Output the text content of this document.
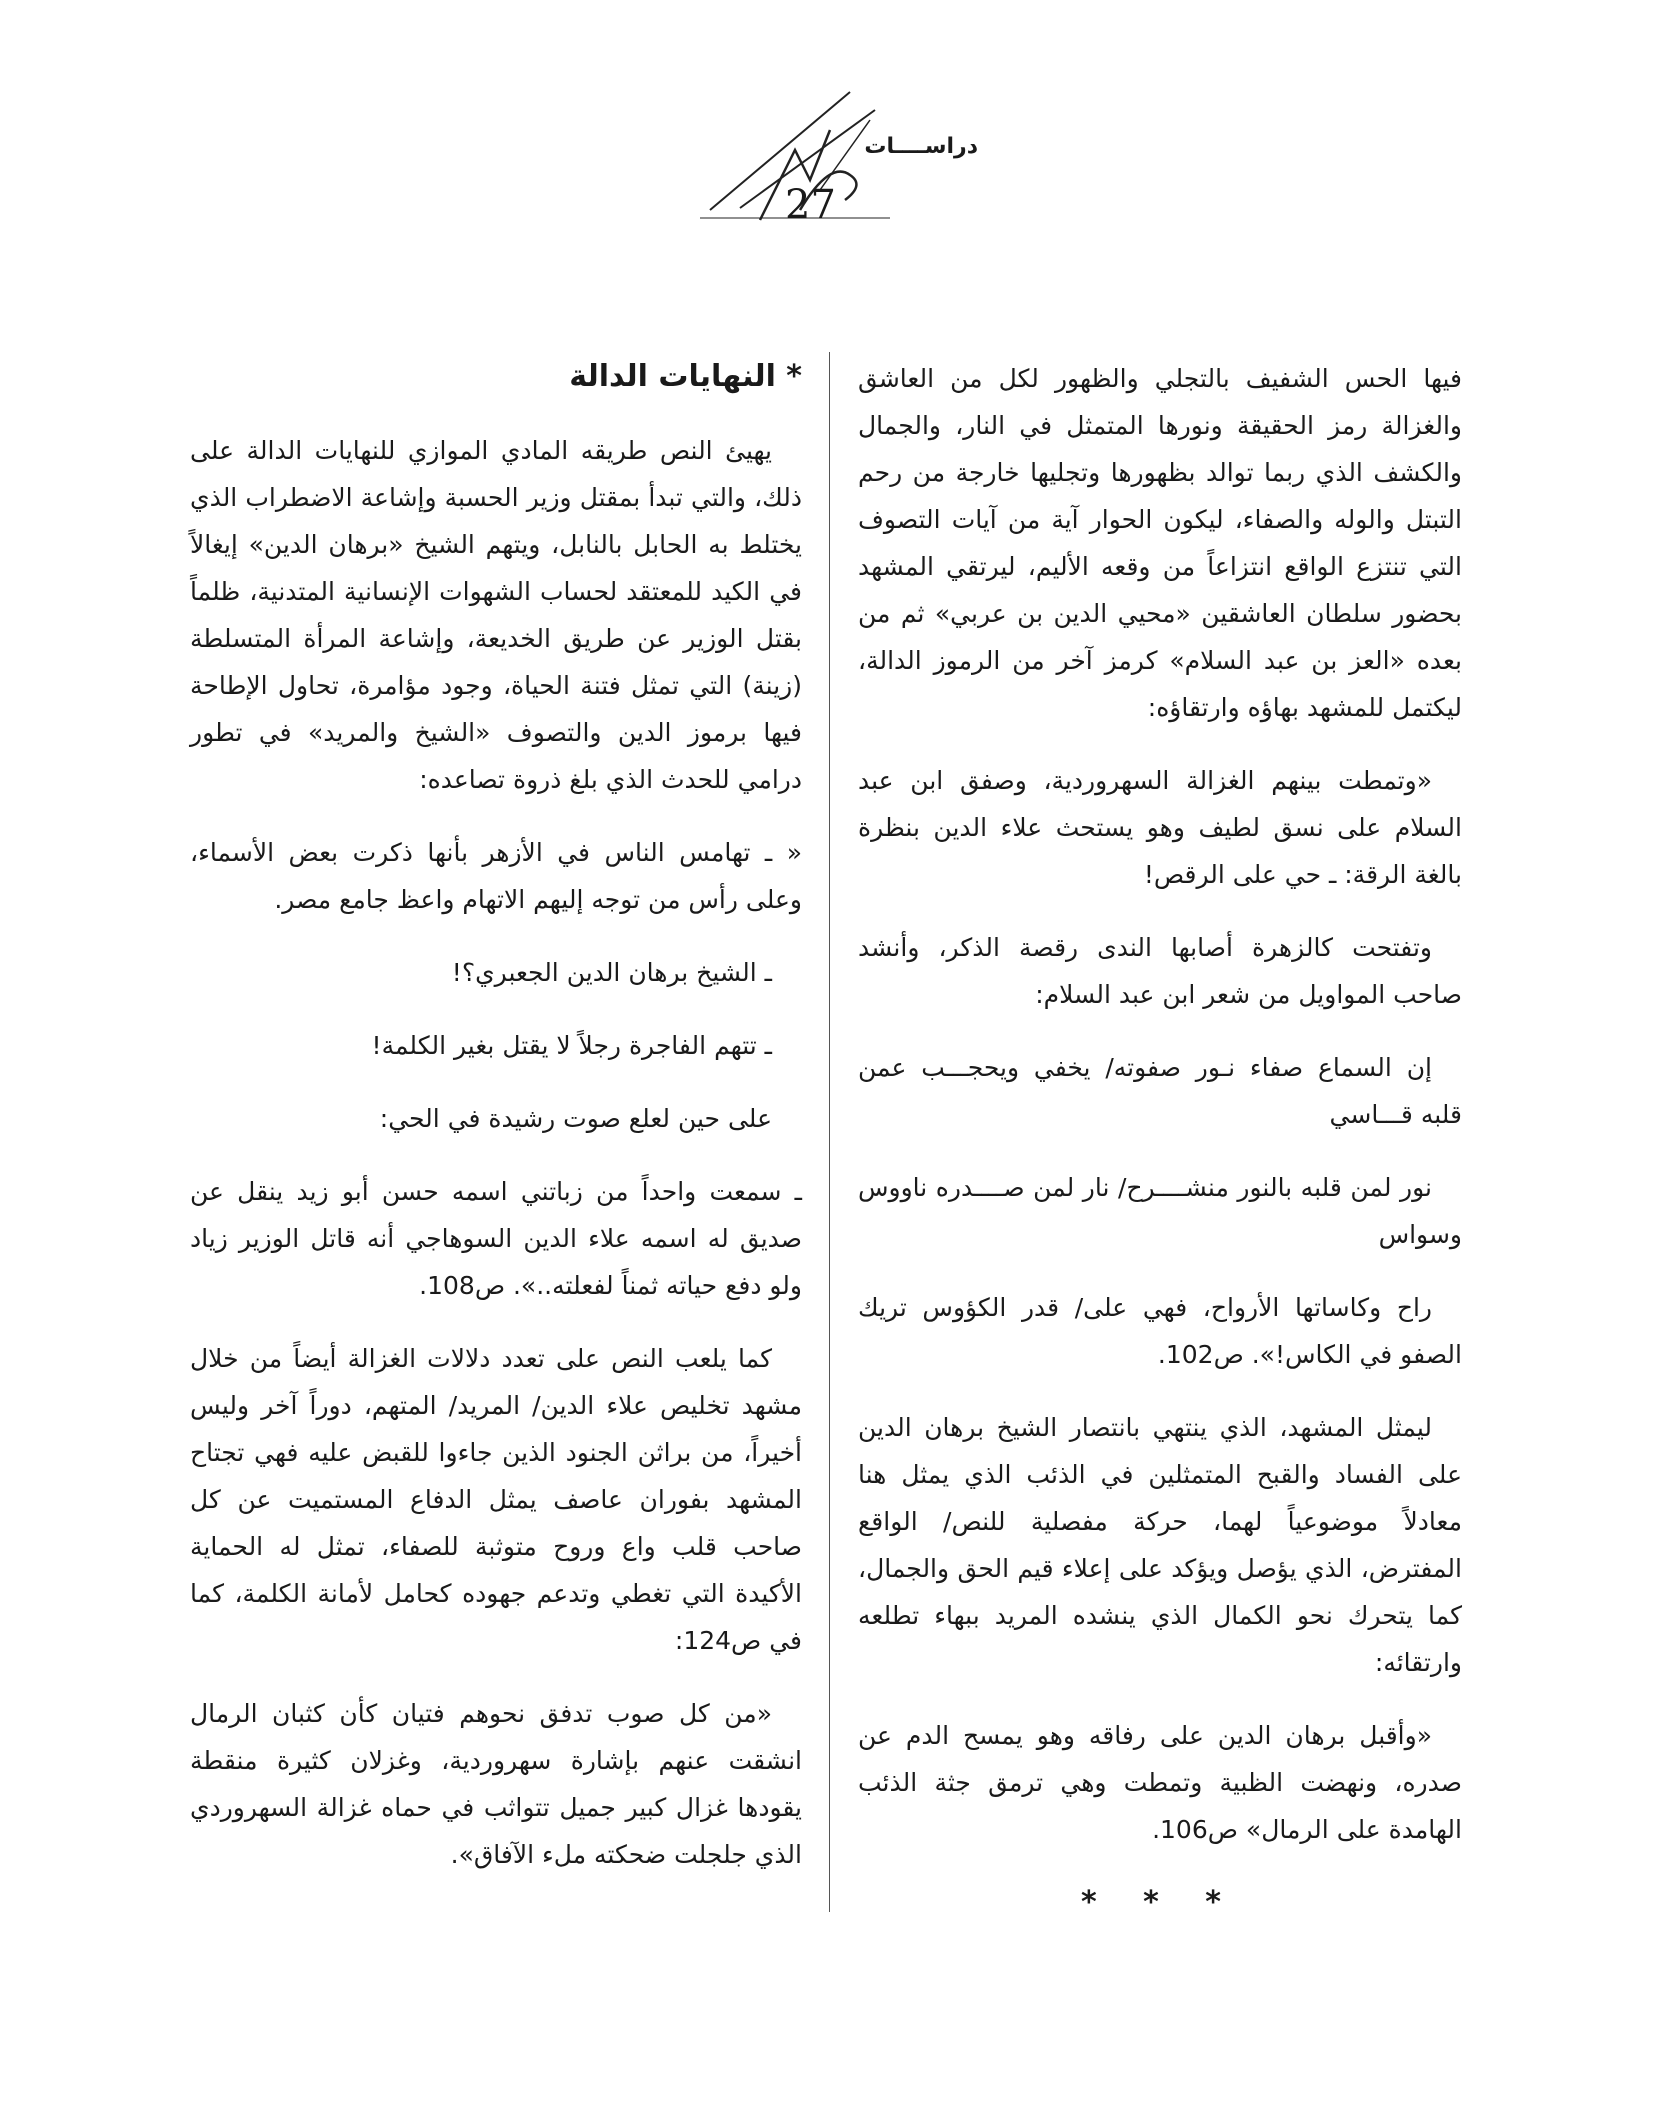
دراســــات
27

فيها الحس الشفيف بالتجلي والظهور لكل من العاشق والغزالة رمز الحقيقة ونورها المتمثل في النار، والجمال والكشف الذي ربما توالد بظهورها وتجليها خارجة من رحم التبتل والوله والصفاء، ليكون الحوار آية من آيات التصوف التي تنتزع الواقع انتزاعاً من وقعه الأليم، ليرتقي المشهد بحضور سلطان العاشقين «محيي الدين بن عربي» ثم من بعده «العز بن عبد السلام» كرمز آخر من الرموز الدالة، ليكتمل للمشهد بهاؤه وارتقاؤه:

«وتمطت بينهم الغزالة السهروردية، وصفق ابن عبد السلام على نسق لطيف وهو يستحث علاء الدين بنظرة بالغة الرقة: ـ حي على الرقص!

وتفتحت كالزهرة أصابها الندى رقصة الذكر، وأنشد صاحب المواويل من شعر ابن عبد السلام:

إن السماع صفاء نـور صفوته/ يخفي ويحجـــب عمن قلبه قـــاسي

نور لمن قلبه بالنور منشــــرح/ نار لمن صــــدره ناووس وسواس

راح وكاساتها الأرواح، فهي على/ قدر الكؤوس تريك الصفو في الكاس!». ص102.

ليمثل المشهد، الذي ينتهي بانتصار الشيخ برهان الدين على الفساد والقبح المتمثلين في الذئب الذي يمثل هنا معادلاً موضوعياً لهما، حركة مفصلية للنص/ الواقع المفترض، الذي يؤصل ويؤكد على إعلاء قيم الحق والجمال، كما يتحرك نحو الكمال الذي ينشده المريد ببهاء تطلعه وارتقائه:

«وأقبل برهان الدين على رفاقه وهو يمسح الدم عن صدره، ونهضت الظبية وتمطت وهي ترمق جثة الذئب الهامدة على الرمال» ص106.

* * *
* النهايات الدالة

يهيئ النص طريقه المادي الموازي للنهايات الدالة على ذلك، والتي تبدأ بمقتل وزير الحسبة وإشاعة الاضطراب الذي يختلط به الحابل بالنابل، ويتهم الشيخ «برهان الدين» إيغالاً في الكيد للمعتقد لحساب الشهوات الإنسانية المتدنية، ظلماً بقتل الوزير عن طريق الخديعة، وإشاعة المرأة المتسلطة (زينة) التي تمثل فتنة الحياة، وجود مؤامرة، تحاول الإطاحة فيها برموز الدين والتصوف «الشيخ والمريد» في تطور درامي للحدث الذي بلغ ذروة تصاعده:

« ـ تهامس الناس في الأزهر بأنها ذكرت بعض الأسماء، وعلى رأس من توجه إليهم الاتهام واعظ جامع مصر.

ـ الشيخ برهان الدين الجعبري؟!

ـ تتهم الفاجرة رجلاً لا يقتل بغير الكلمة!

على حين لعلع صوت رشيدة في الحي:

ـ سمعت واحداً من زباتني اسمه حسن أبو زيد ينقل عن صديق له اسمه علاء الدين السوهاجي أنه قاتل الوزير زياد ولو دفع حياته ثمناً لفعلته..». ص108.

كما يلعب النص على تعدد دلالات الغزالة أيضاً من خلال مشهد تخليص علاء الدين/ المريد/ المتهم، دوراً آخر وليس أخيراً، من براثن الجنود الذين جاءوا للقبض عليه فهي تجتاح المشهد بفوران عاصف يمثل الدفاع المستميت عن كل صاحب قلب واع وروح متوثبة للصفاء، تمثل له الحماية الأكيدة التي تغطي وتدعم جهوده كحامل لأمانة الكلمة، كما في ص124:

«من كل صوب تدفق نحوهم فتيان كأن كثبان الرمال انشقت عنهم بإشارة سهروردية، وغزلان كثيرة منقطة يقودها غزال كبير جميل تتواثب في حماه غزالة السهروردي الذي جلجلت ضحكته ملء الآفاق».
